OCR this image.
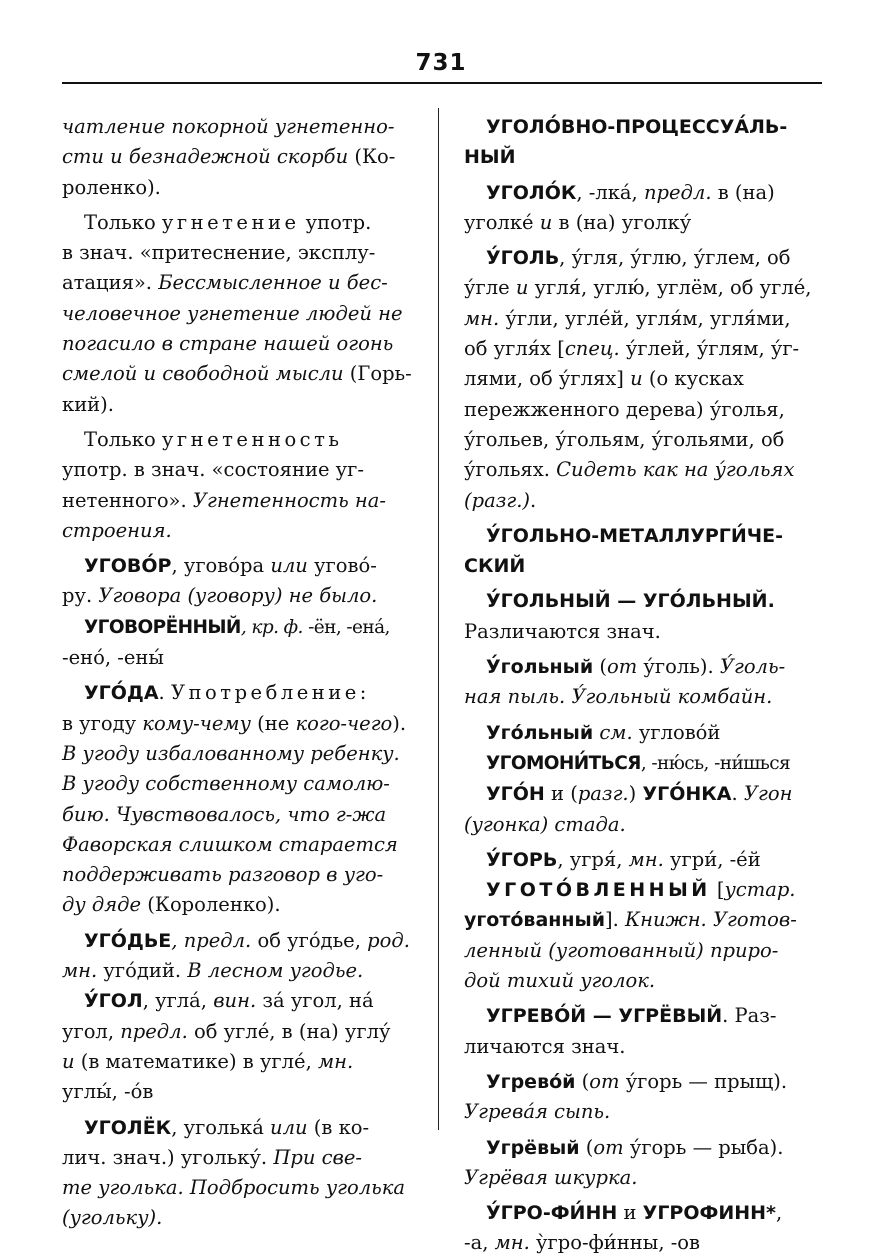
731

чатление покорной угнетенно-
сти и безнадежной скорби (Ко-
роленко).

Только угнетение употр.
в знач. «притеснение, эксплу-
атация». Бессмысленное и бес-
человечное угнетение людей не
погасило в стране нашей огонь
смелой и свободной мысли (Горь-
кий).

Только угнетенность
употр. в знач. «состояние уг-
нетенного». Угнетенность на-
строения.

УГОВО́Р, угово́ра или угово́-
ру. Уговора (уговору) не было.

УГОВОРЁННЫЙ, кр. ф. -ён, -ена́,
-ено́, -ены́

УГО́ДА. Употребление:
в угоду кому-чему (не кого-чего).
В угоду избалованному ребенку.
В угоду собственному самолю-
бию. Чувствовалось, что г-жа
Фаворская слишком старается
поддерживать разговор в уго-
ду дяде (Короленко).

УГО́ДЬЕ, предл. об уго́дье, род.
мн. уго́дий. В лесном угодье.

У́ГОЛ, угла́, вин. за́ угол, на́
угол, предл. об угле́, в (на) углу́
и (в математике) в угле́, мн.
углы́, -о́в

УГОЛЁК, уголька́ или (в ко-
лич. знач.) угольку́. При све-
те уголька. Подбросить уголька
(угольку).

УГОЛО́ВНО-ПРОЦЕССУА́ЛЬ-
НЫЙ

УГОЛО́К, -лка́, предл. в (на)
уголке́ и в (на) уголку́

У́ГОЛЬ, у́гля, у́глю, у́глем, об
у́гле и угля́, углю́, углём, об угле́,
мн. у́гли, угле́й, угля́м, угля́ми,
об угля́х [спец. у́глей, у́глям, у́г-
лями, об у́глях] и (о кусках
пережженного дерева) у́голья,
у́гольев, у́гольям, у́гольями, об
у́гольях. Сидеть как на у́гольях
(разг.).

У́ГОЛЬНО-МЕТАЛЛУРГИ́ЧЕ-
СКИЙ

У́ГОЛЬНЫЙ — УГО́ЛЬНЫЙ.
Различаются знач.

У́гольный (от у́голь). У́голь-
ная пыль. У́гольный комбайн.

Уго́льный см. углово́й

УГОМОНИ́ТЬСЯ, -ню́сь, -ни́шься

УГО́Н и (разг.) УГО́НКА. Угон
(угонка) стада.

У́ГОРЬ, угря́, мн. угри́, -е́й

УГОТО́ВЛЕННЫЙ [устар.
угото́ванный]. Книжн. Уготов-
ленный (уготованный) приро-
дой тихий уголок.

УГРЕВО́Й — УГРЁВЫЙ. Раз-
личаются знач.

Угрево́й (от у́горь — прыщ).
Угрева́я сыпь.

Угрёвый (от у́горь — рыба).
Угрёвая шкурка.

У́ГРО-ФИ́НН и УГРОФИНН*,
-а, мн. у̀гро-фи́нны, -ов
